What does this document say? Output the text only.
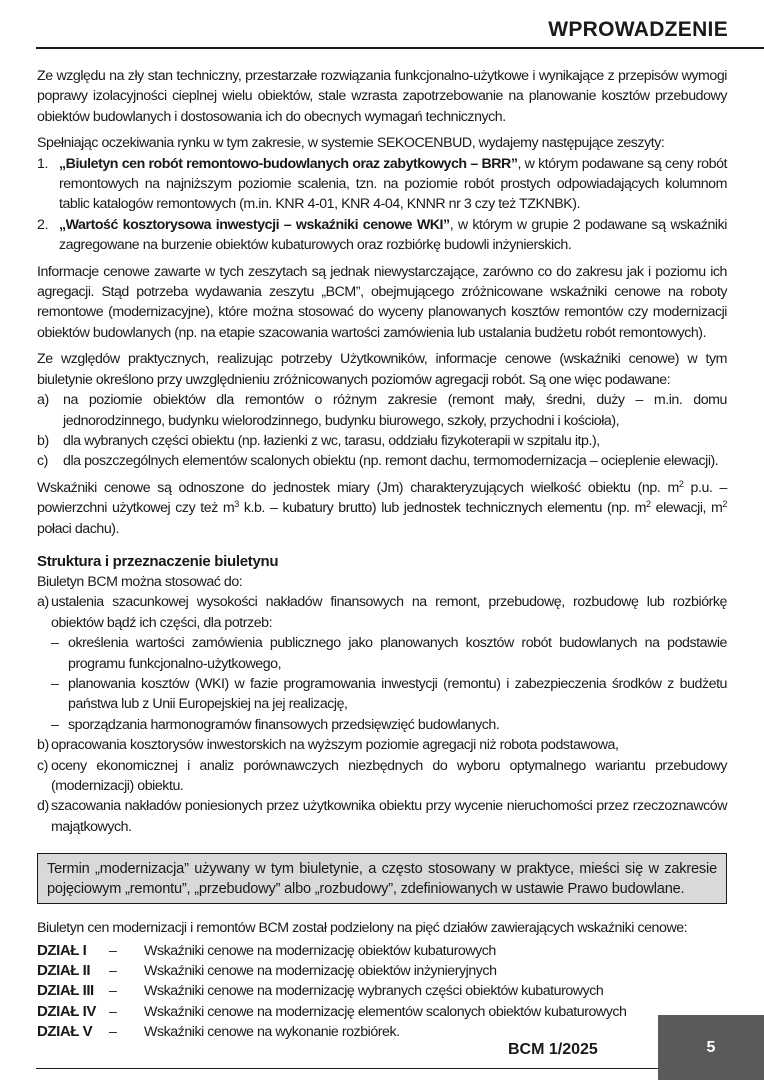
WPROWADZENIE

Ze względu na zły stan techniczny, przestarzałe rozwiązania funkcjonalno-użytkowe i wynikające z przepisów wymogi poprawy izolacyjności cieplnej wielu obiektów, stale wzrasta zapotrzebowanie na planowanie kosztów przebudowy obiektów budowlanych i dostosowania ich do obecnych wymagań technicznych.

Spełniając oczekiwania rynku w tym zakresie, w systemie SEKOCENBUD, wydajemy następujące zeszyty:

1. „Biuletyn cen robót remontowo-budowlanych oraz zabytkowych – BRR”, w którym podawane są ceny robót remontowych na najniższym poziomie scalenia, tzn. na poziomie robót prostych odpowiadających kolumnom tablic katalogów remontowych (m.in. KNR 4-01, KNR 4-04, KNNR nr 3 czy też TZKNBK).
2. „Wartość kosztorysowa inwestycji – wskaźniki cenowe WKI”, w którym w grupie 2 podawane są wskaźniki zagregowane na burzenie obiektów kubaturowych oraz rozbiórkę budowli inżynierskich.

Informacje cenowe zawarte w tych zeszytach są jednak niewystarczające, zarówno co do zakresu jak i poziomu ich agregacji. Stąd potrzeba wydawania zeszytu „BCM”, obejmującego zróżnicowane wskaźniki cenowe na roboty remontowe (modernizacyjne), które można stosować do wyceny planowanych kosztów remontów czy modernizacji obiektów budowlanych (np. na etapie szacowania wartości zamówienia lub ustalania budżetu robót remontowych).

Ze względów praktycznych, realizując potrzeby Użytkowników, informacje cenowe (wskaźniki cenowe) w tym biuletynie określono przy uwzględnieniu zróżnicowanych poziomów agregacji robót. Są one więc podawane:

a)	na poziomie obiektów dla remontów o różnym zakresie (remont mały, średni, duży – m.in. domu jednorodzinnego, budynku wielorodzinnego, budynku biurowego, szkoły, przychodni i kościoła),
b)	dla wybranych części obiektu (np. łazienki z wc, tarasu, oddziału fizykoterapii w szpitalu itp.),
c)	dla poszczególnych elementów scalonych obiektu (np. remont dachu, termomodernizacja – ocieplenie elewacji).

Wskaźniki cenowe są odnoszone do jednostek miary (Jm) charakteryzujących wielkość obiektu (np. $m^2$ p.u. – powierzchni użytkowej czy też $m^3$ k.b. – kubatury brutto) lub jednostek technicznych elementu (np. $m^2$ elewacji, $m^2$ połaci dachu).

Struktura i przeznaczenie biuletynu

Biuletyn BCM można stosować do:

a) ustalenia szacunkowej wysokości nakładów finansowych na remont, przebudowę, rozbudowę lub rozbiórkę obiektów bądź ich części, dla potrzeb:
– określenia wartości zamówienia publicznego jako planowanych kosztów robót budowlanych na podstawie programu funkcjonalno-użytkowego,
– planowania kosztów (WKI) w fazie programowania inwestycji (remontu) i zabezpieczenia środków z budżetu państwa lub z Unii Europejskiej na jej realizację,
– sporządzania harmonogramów finansowych przedsięwzięć budowlanych.
b) opracowania kosztorysów inwestorskich na wyższym poziomie agregacji niż robota podstawowa,
c) oceny ekonomicznej i analiz porównawczych niezbędnych do wyboru optymalnego wariantu przebudowy (modernizacji) obiektu.
d) szacowania nakładów poniesionych przez użytkownika obiektu przy wycenie nieruchomości przez rzeczoznawców majątkowych.
Termin „modernizacja” używany w tym biuletynie, a często stosowany w praktyce, mieści się w zakresie pojęciowym „remontu”, „przebudowy” albo „rozbudowy”, zdefiniowanych w ustawie Prawo budowlane.

Biuletyn cen modernizacji i remontów BCM został podzielony na pięć działów zawierających wskaźniki cenowe:

DZIAŁ I	–	Wskaźniki cenowe na modernizację obiektów kubaturowych
DZIAŁ II	–	Wskaźniki cenowe na modernizację obiektów inżynieryjnych
DZIAŁ III	–	Wskaźniki cenowe na modernizację wybranych części obiektów kubaturowych
DZIAŁ IV –	Wskaźniki cenowe na modernizację elementów scalonych obiektów kubaturowych
DZIAŁ V	–	Wskaźniki cenowe na wykonanie rozbiórek.
BCM 1/2025	5
